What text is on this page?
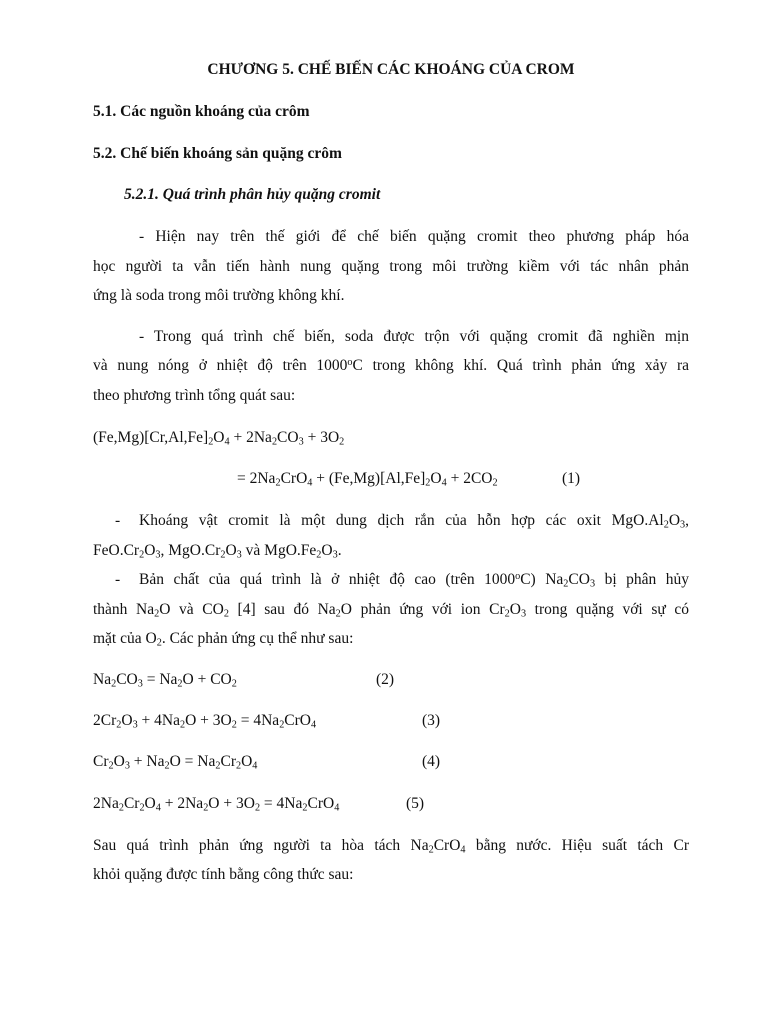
CHƯƠNG 5. CHẾ BIẾN CÁC KHOÁNG CỦA CROM
5.1. Các nguồn khoáng của crôm
5.2. Chế biến khoáng sản quặng crôm
5.2.1. Quá trình phân hủy quặng cromit
- Hiện nay trên thế giới để chế biến quặng cromit theo phương pháp hóa
học người ta vẫn tiến hành nung quặng trong môi trường kiềm với tác nhân phản
ứng là soda trong môi trường không khí.
- Trong quá trình chế biến, soda được trộn với quặng cromit đã nghiền mịn
và nung nóng ở nhiệt độ trên 1000$^o$C trong không khí. Quá trình phản ứng xảy ra
theo phương trình tổng quát sau:
$(Fe,Mg)[Cr,Al,Fe]_2O_4 + 2Na_2CO_3 + 3O_2$
= $2Na_2CrO_4 + (Fe,Mg)[Al,Fe]_2O_4 + 2CO_2$	(1)
- Khoáng vật cromit là một dung dịch rắn của hỗn hợp các oxit $MgO.Al_2O_3$,
$FeO.Cr_2O_3$, $MgO.Cr_2O_3$ và $MgO.Fe_2O_3$.
- Bản chất của quá trình là ở nhiệt độ cao (trên 1000$^o$C) $Na_2CO_3$ bị phân hủy
thành $Na_2O$ và $CO_2$ [4] sau đó $Na_2O$ phản ứng với ion $Cr_2O_3$ trong quặng với sự có
mặt của $O_2$. Các phản ứng cụ thể như sau:
$Na_2CO_3 = Na_2O + CO_2$	(2)
$2Cr_2O_3 + 4Na_2O + 3O_2 = 4Na_2CrO_4$	(3)
$Cr_2O_3 + Na_2O = Na_2Cr_2O_4$	(4)
$2Na_2Cr_2O_4 + 2Na_2O + 3O_2 = 4Na_2CrO_4$	(5)
Sau quá trình phản ứng người ta hòa tách $Na_2CrO_4$ bằng nước. Hiệu suất tách Cr
khỏi quặng được tính bằng công thức sau:
